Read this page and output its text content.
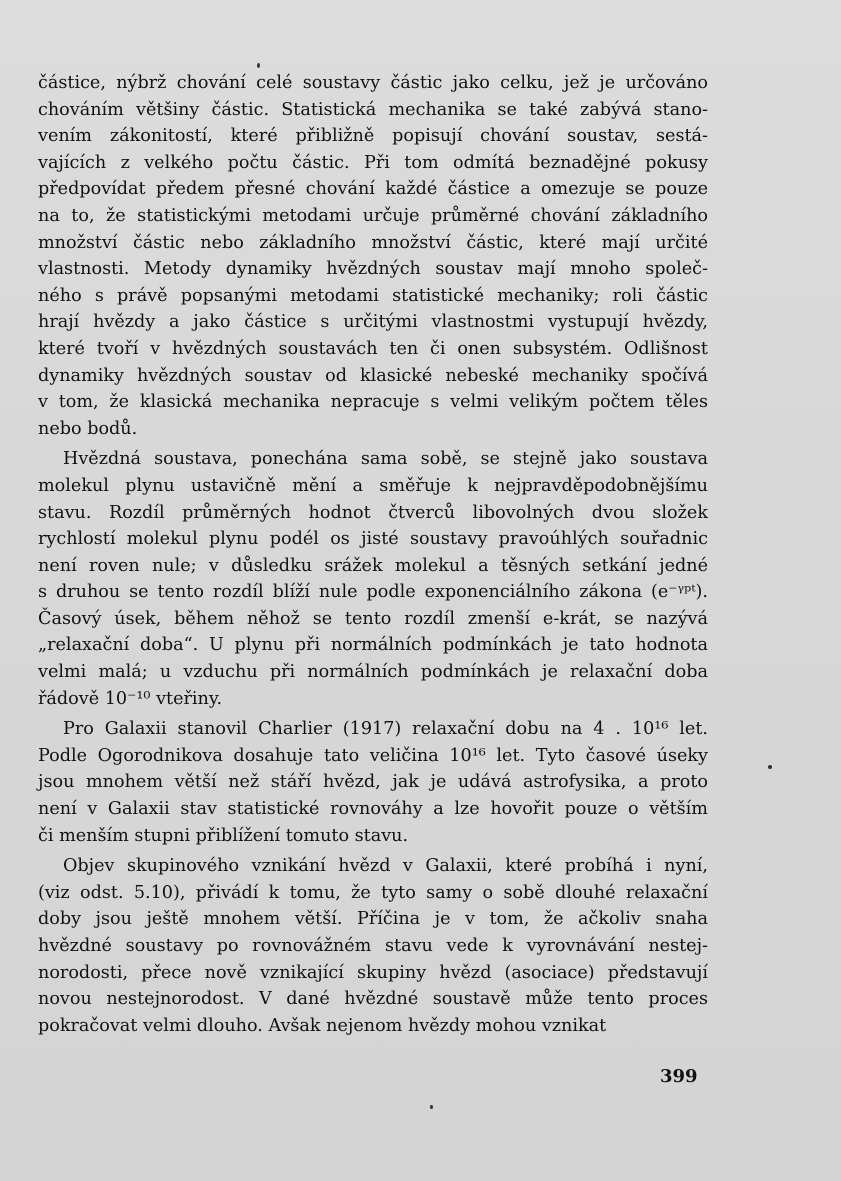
částice, nýbrž chování celé soustavy částic jako celku, jež je určováno
chováním většiny částic. Statistická mechanika se také zabývá stano-
vením zákonitostí, které přibližně popisují chování soustav, sestá-
vajících z velkého počtu částic. Při tom odmítá beznadějné pokusy
předpovídat předem přesné chování každé částice a omezuje se pouze
na to, že statistickými metodami určuje průměrné chování základního
množství částic nebo základního množství částic, které mají určité
vlastnosti. Metody dynamiky hvězdných soustav mají mnoho společ-
ného s právě popsanými metodami statistické mechaniky; roli částic
hrají hvězdy a jako částice s určitými vlastnostmi vystupují hvězdy,
které tvoří v hvězdných soustavách ten či onen subsystém. Odlišnost
dynamiky hvězdných soustav od klasické nebeské mechaniky spočívá
v tom, že klasická mechanika nepracuje s velmi velikým počtem těles
nebo bodů.
Hvězdná soustava, ponechána sama sobě, se stejně jako soustava
molekul plynu ustavičně mění a směřuje k nejpravděpodobnějšímu
stavu. Rozdíl průměrných hodnot čtverců libovolných dvou složek
rychlostí molekul plynu podél os jisté soustavy pravoúhlých souřadnic
není roven nule; v důsledku srážek molekul a těsných setkání jedné
s druhou se tento rozdíl blíží nule podle exponenciálního zákona (e⁻ᵞᵖᵗ).
Časový úsek, během něhož se tento rozdíl zmenší e-krát, se nazývá
„relaxační doba“. U plynu při normálních podmínkách je tato hodnota
velmi malá; u vzduchu při normálních podmínkách je relaxační doba
řádově 10⁻¹⁰ vteřiny.
Pro Galaxii stanovil Charlier (1917) relaxační dobu na 4 . 10¹⁶ let.
Podle Ogorodnikova dosahuje tato veličina 10¹⁶ let. Tyto časové úseky
jsou mnohem větší než stáří hvězd, jak je udává astrofysika, a proto
není v Galaxii stav statistické rovnováhy a lze hovořit pouze o větším
či menším stupni přiblížení tomuto stavu.
Objev skupinového vznikání hvězd v Galaxii, které probíhá i nyní,
(viz odst. 5.10), přivádí k tomu, že tyto samy o sobě dlouhé relaxační
doby jsou ještě mnohem větší. Příčina je v tom, že ačkoliv snaha
hvězdné soustavy po rovnovážném stavu vede k vyrovnávání nestej-
norodosti, přece nově vznikající skupiny hvězd (asociace) představují
novou nestejnorodost. V dané hvězdné soustavě může tento proces
pokračovat velmi dlouho. Avšak nejenom hvězdy mohou vznikat
399
